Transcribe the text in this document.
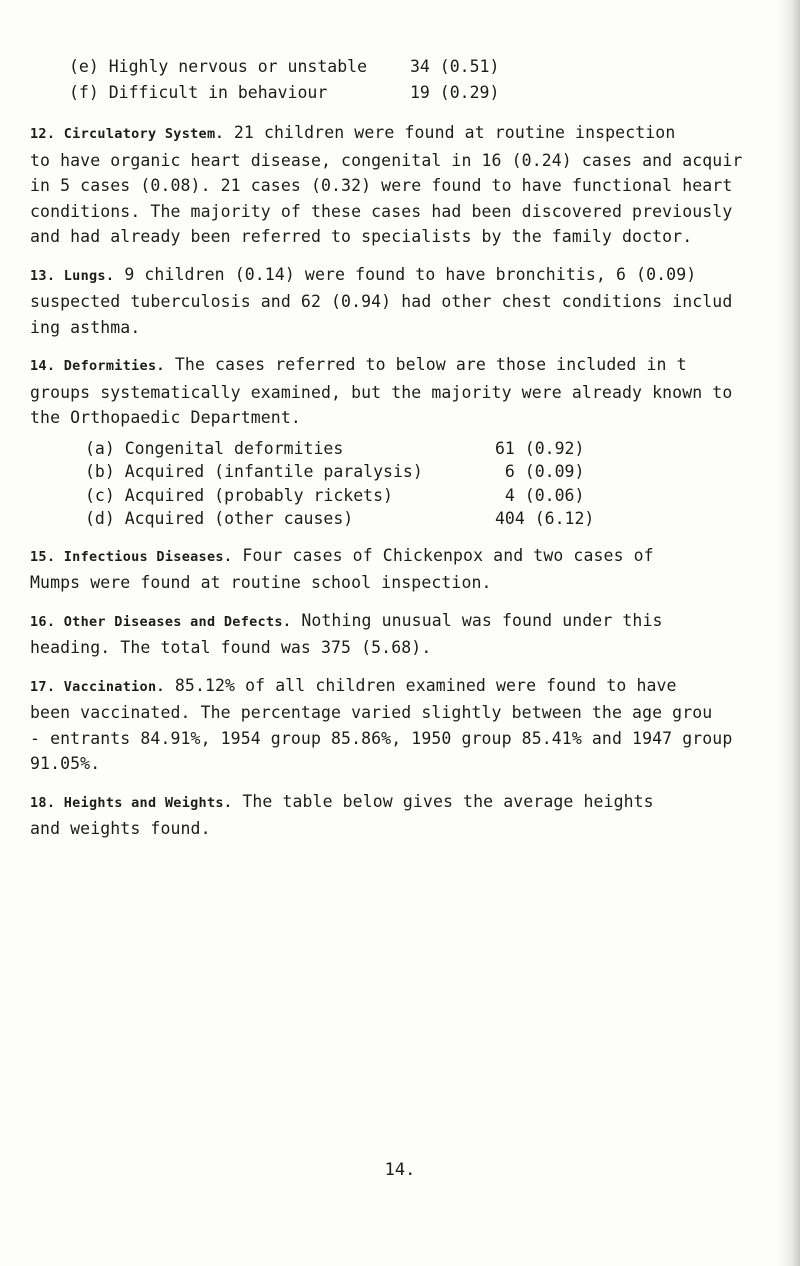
(e) Highly nervous or unstable	34 (0.51)
(f) Difficult in behaviour	19 (0.29)

12. Circulatory System. 21 children were found at routine inspection
to have organic heart disease, congenital in 16 (0.24) cases and acquir
in 5 cases (0.08). 21 cases (0.32) were found to have functional heart
conditions. The majority of these cases had been discovered previously
and had already been referred to specialists by the family doctor.

13. Lungs. 9 children (0.14) were found to have bronchitis, 6 (0.09)
suspected tuberculosis and 62 (0.94) had other chest conditions includ
ing asthma.

14. Deformities. The cases referred to below are those included in t
groups systematically examined, but the majority were already known to
the Orthopaedic Department.

(a) Congenital deformities	61 (0.92)
(b) Acquired (infantile paralysis)	6 (0.09)
(c) Acquired (probably rickets)	4 (0.06)
(d) Acquired (other causes)	404 (6.12)

15. Infectious Diseases. Four cases of Chickenpox and two cases of
Mumps were found at routine school inspection.

16. Other Diseases and Defects. Nothing unusual was found under this
heading. The total found was 375 (5.68).

17. Vaccination. 85.12% of all children examined were found to have
been vaccinated. The percentage varied slightly between the age grou
- entrants 84.91%, 1954 group 85.86%, 1950 group 85.41% and 1947 group
91.05%.

18. Heights and Weights. The table below gives the average heights
and weights found.

14.
